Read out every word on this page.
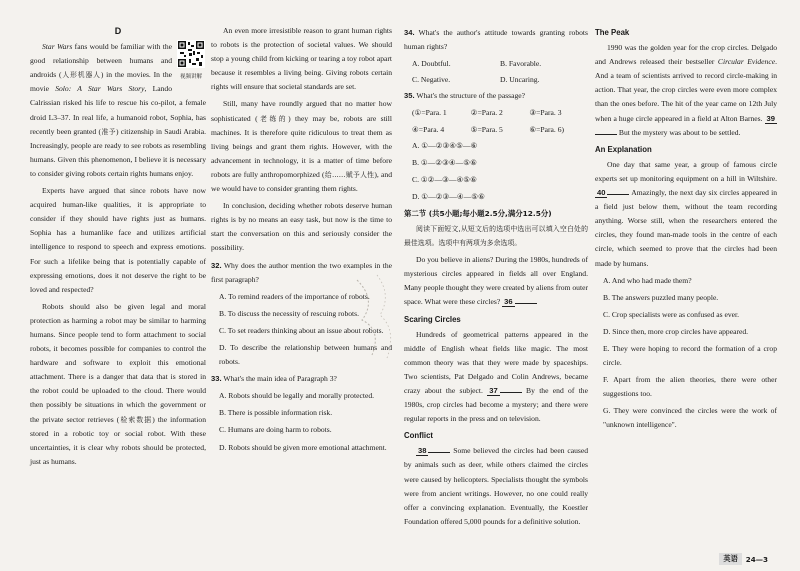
D
视频讲解

Star Wars fans would be familiar with the good relationship between humans and androids (人形机器人) in the movies. In the movie Solo: A Star Wars Story, Lando Calrissian risked his life to rescue his co-pilot, a female droid L3–37. In real life, a humanoid robot, Sophia, has recently been granted (准予) citizenship in Saudi Arabia. Increasingly, people are ready to see robots as resembling humans. Given this phenomenon, I believe it is necessary to consider giving robots certain rights humans enjoy.

Experts have argued that since robots have now acquired human-like qualities, it is appropriate to consider if they should have rights just as humans. Sophia has a humanlike face and utilizes artificial intelligence to respond to speech and express emotions. For such a lifelike being that is potentially capable of expressing emotions, does it not deserve the right to be loved and respected?

Robots should also be given legal and moral protection as harming a robot may be similar to harming humans. Since people tend to form attachment to social robots, it becomes possible for companies to control the hardware and software to exploit this emotional attachment. There is a danger that data that is stored in the robot could be uploaded to the cloud. There would then possibly be situations in which the government or the private sector retrieves (检索数据) the information stored in a robotic toy or social robot. With these uncertainties, it is clear why robots should be protected, just as humans.

An even more irresistible reason to grant human rights to robots is the protection of societal values. We should stop a young child from kicking or tearing a toy robot apart because it resembles a living being. Giving robots certain rights will ensure that societal standards are set.

Still, many have roundly argued that no matter how sophisticated (老练的) they may be, robots are still machines. It is therefore quite ridiculous to treat them as living beings and grant them rights. However, with the advancement in technology, it is a matter of time before robots are fully anthropomorphized (给……赋予人性), and we would have to consider granting them rights.

In conclusion, deciding whether robots deserve human rights is by no means an easy task, but now is the time to start the conversation on this and seriously consider the possibility.

32. Why does the author mention the two examples in the first paragraph?

A. To remind readers of the importance of robots.

B. To discuss the necessity of rescuing robots.

C. To set readers thinking about an issue about robots.

D. To describe the relationship between humans and robots.

33. What's the main idea of Paragraph 3?

A. Robots should be legally and morally protected.

B. There is possible information risk.

C. Humans are doing harm to robots.

D. Robots should be given more emotional attachment.

34. What's the author's attitude towards granting robots human rights?

A. Doubtful.	B. Favorable.
C. Negative.	D. Uncaring.

35. What's the structure of the passage?

(①=Para. 1	②=Para. 2	③=Para. 3
④=Para. 4	⑤=Para. 5	⑥=Para. 6)

A. ①—②③④⑤—⑥

B. ①—②③④—⑤⑥

C. ①②—③—④⑤⑥

D. ①—②③—④—⑤⑥

第二节 (共5小题;每小题2.5分,满分12.5分)

阅读下面短文,从短文后的选项中选出可以填入空白处的最佳选项。选项中有两项为多余选项。

Do you believe in aliens? During the 1980s, hundreds of mysterious circles appeared in fields all over England. Many people thought they were created by aliens from outer space. What were these circles? 36

Scaring Circles

Hundreds of geometrical patterns appeared in the middle of English wheat fields like magic. The most common theory was that they were made by spaceships. Two scientists, Pat Delgado and Colin Andrews, became crazy about the subject. 37	By the end of the 1980s, crop circles had become a mystery; and there were regular reports in the press and on television.

Conflict

38	Some believed the circles had been caused by animals such as deer, while others claimed the circles were caused by helicopters. Specialists thought the symbols were from ancient writings. However, no one could really offer a convincing explanation. Eventually, the Koestler Foundation offered 5,000 pounds for a definitive solution.

The Peak

1990 was the golden year for the crop circles. Delgado and Andrews released their bestseller Circular Evidence. And a team of scientists arrived to record circle-making in action. That year, the crop circles were even more complex than the ones before. The hit of the year came on 12th July when a huge circle appeared in a field at Alton Barnes. 39 But the mystery was about to be settled.

An Explanation

One day that same year, a group of famous circle experts set up monitoring equipment on a hill in Wiltshire. 40	Amazingly, the next day six circles appeared in a field just below them, without the team recording anything. Worse still, when the researchers entered the circles, they found man-made tools in the centre of each circle, which seemed to prove that the circles had been made by humans.

A. And who had made them?

B. The answers puzzled many people.

C. Crop specialists were as confused as ever.

D. Since then, more crop circles have appeared.

E. They were hoping to record the formation of a crop circle.

F. Apart from the alien theories, there were other suggestions too.

G. They were convinced the circles were the work of "unknown intelligence".

英语	24—3
